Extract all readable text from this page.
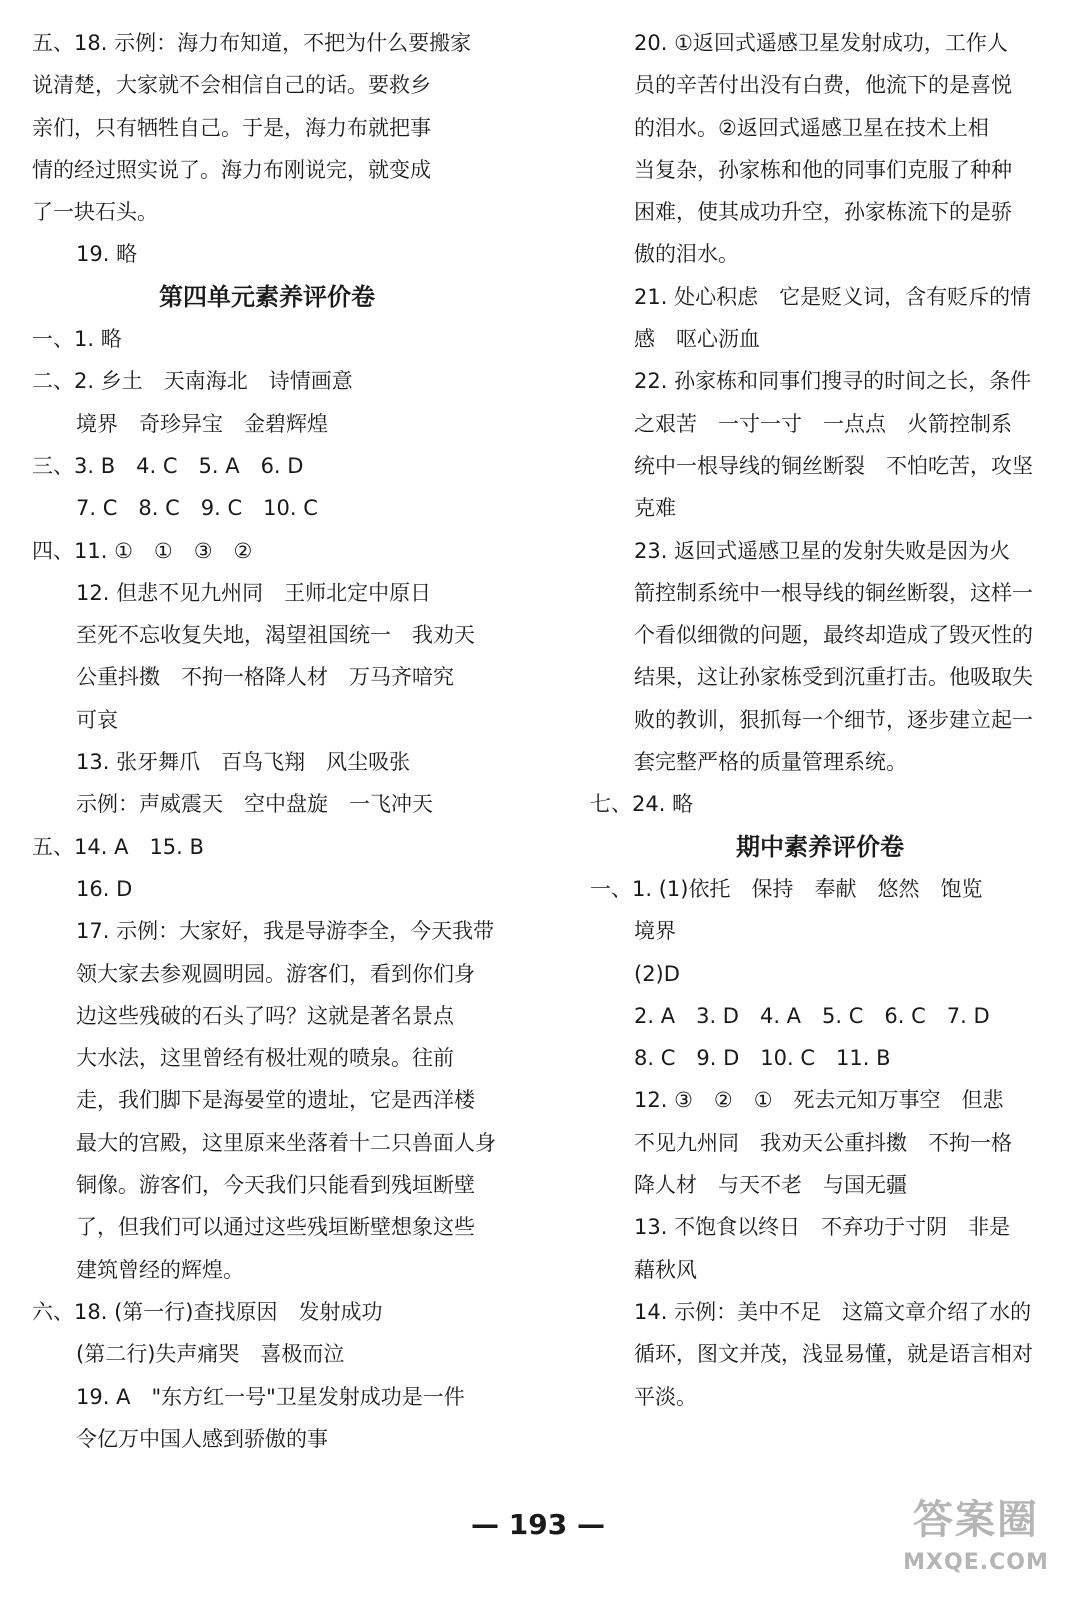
五、18. 示例：海力布知道，不把为什么要搬家
说清楚，大家就不会相信自己的话。要救乡
亲们，只有牺牲自己。于是，海力布就把事
情的经过照实说了。海力布刚说完，就变成
了一块石头。
19. 略
第四单元素养评价卷
一、1. 略
二、2. 乡土　天南海北　诗情画意
境界　奇珍异宝　金碧辉煌
三、3. B　4. C　5. A　6. D
7. C　8. C　9. C　10. C
四、11. ①　①　③　②
12. 但悲不见九州同　王师北定中原日
至死不忘收复失地，渴望祖国统一　我劝天
公重抖擞　不拘一格降人材　万马齐喑究
可哀
13. 张牙舞爪　百鸟飞翔　风尘吸张
示例：声威震天　空中盘旋　一飞冲天
五、14. A　15. B
16. D
17. 示例：大家好，我是导游李全，今天我带
领大家去参观圆明园。游客们，看到你们身
边这些残破的石头了吗？这就是著名景点
大水法，这里曾经有极壮观的喷泉。往前
走，我们脚下是海晏堂的遗址，它是西洋楼
最大的宫殿，这里原来坐落着十二只兽面人身
铜像。游客们，今天我们只能看到残垣断壁
了，但我们可以通过这些残垣断壁想象这些
建筑曾经的辉煌。
六、18. (第一行)查找原因　发射成功
(第二行)失声痛哭　喜极而泣
19. A　"东方红一号"卫星发射成功是一件
令亿万中国人感到骄傲的事
20. ①返回式遥感卫星发射成功，工作人
员的辛苦付出没有白费，他流下的是喜悦
的泪水。②返回式遥感卫星在技术上相
当复杂，孙家栋和他的同事们克服了种种
困难，使其成功升空，孙家栋流下的是骄
傲的泪水。
21. 处心积虑　它是贬义词，含有贬斥的情
感　呕心沥血
22. 孙家栋和同事们搜寻的时间之长，条件
之艰苦　一寸一寸　一点点　火箭控制系
统中一根导线的铜丝断裂　不怕吃苦，攻坚
克难
23. 返回式遥感卫星的发射失败是因为火
箭控制系统中一根导线的铜丝断裂，这样一
个看似细微的问题，最终却造成了毁灭性的
结果，这让孙家栋受到沉重打击。他吸取失
败的教训，狠抓每一个细节，逐步建立起一
套完整严格的质量管理系统。
七、24. 略
期中素养评价卷
一、1. (1)依托　保持　奉献　悠然　饱览
境界
(2)D
2. A　3. D　4. A　5. C　6. C　7. D
8. C　9. D　10. C　11. B
12. ③　②　①　死去元知万事空　但悲
不见九州同　我劝天公重抖擞　不拘一格
降人材　与天不老　与国无疆
13. 不饱食以终日　不弃功于寸阴　非是
藉秋风
14. 示例：美中不足　这篇文章介绍了水的
循环，图文并茂，浅显易懂，就是语言相对
平淡。
— 193 —	答案圈
MXQE.COM
